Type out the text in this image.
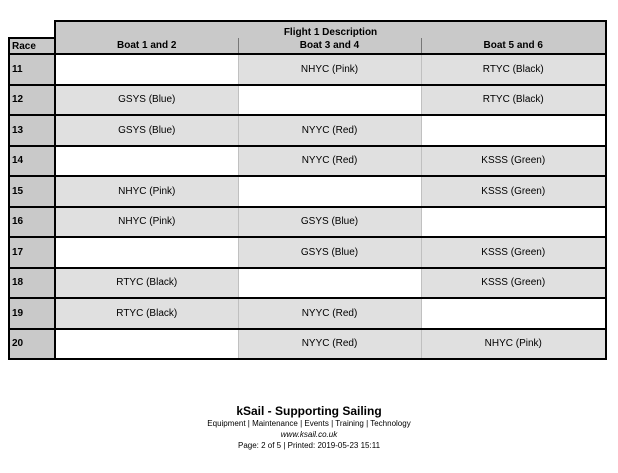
	Flight 1 Description		
Race	Boat 1 and 2	Boat 3 and 4	Boat 5 and 6
11		NHYC (Pink)	RTYC (Black)
12	GSYS (Blue)		RTYC (Black)
13	GSYS (Blue)	NYYC (Red)	
14		NYYC (Red)	KSSS (Green)
15	NHYC (Pink)		KSSS (Green)
16	NHYC (Pink)	GSYS (Blue)	
17		GSYS (Blue)	KSSS (Green)
18	RTYC (Black)		KSSS (Green)
19	RTYC (Black)	NYYC (Red)	
20		NYYC (Red)	NHYC (Pink)
kSail - Supporting Sailing
Equipment | Maintenance | Events | Training | Technology
www.ksail.co.uk
Page: 2 of 5 | Printed: 2019-05-23 15:11
